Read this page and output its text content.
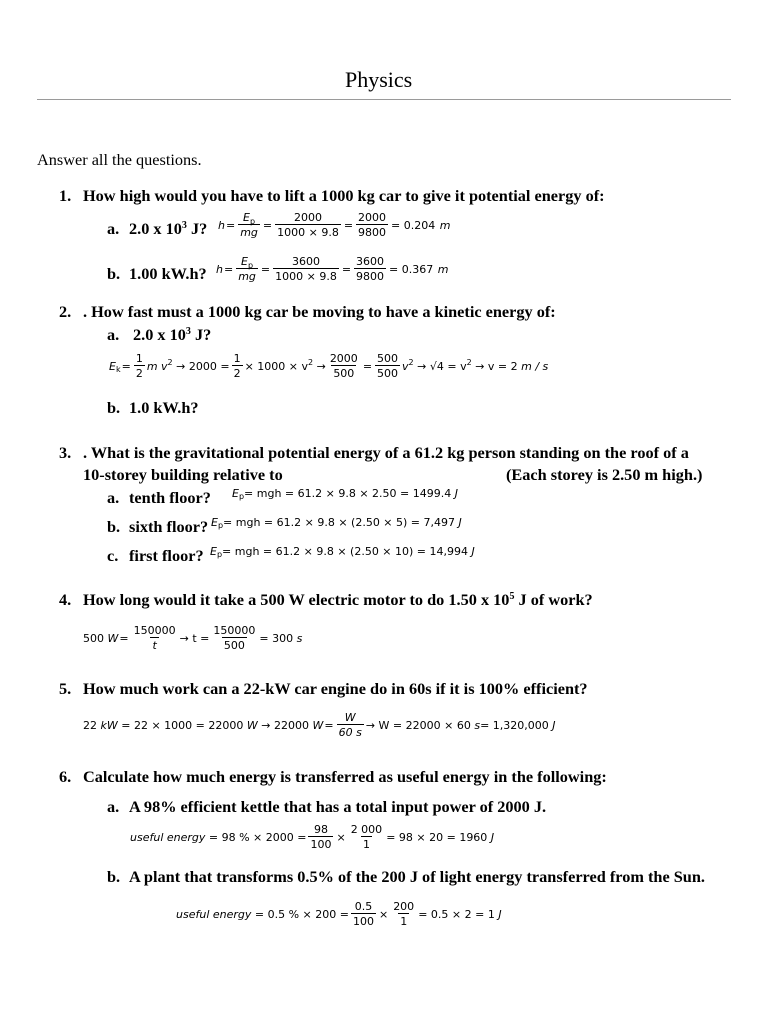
Physics
Answer all the questions.
1. How high would you have to lift a 1000 kg car to give it potential energy of:
a. 2.0 x $10^3$ J? $h = \frac{E_p}{mg} = \frac{2000}{1000 \times 9.8} = \frac{2000}{9800} = 0.204$
m
b. 1.00 kW.h? $h = \frac{E_p}{mg} = \frac{3600}{1000 \times 9.8} = \frac{3600}{9800} = 0.367$
m
2. . How fast must a 1000 kg car be moving to have a kinetic energy of:
a. 2.0 x $10^3$ J?
$E_k = \frac{1}{2}$ m $v^2$
→ $2000 = \frac{1}{2} \times 1000 \times v^2$
→ $\frac{2000}{500} = \frac{500}{500} v^2$
→ $√4 = v^2$
→ v = 2
m / s
b. 1.0 kW.h?
3. . What is the gravitational potential energy of a 61.2 kg person standing on the roof of a
10-storey building relative to	(Each storey is 2.50 m high.)
a. tenth floor? $E_p$ = mgh = 61.2 × 9.8 × 2.50 = 1499.4
J
b. sixth floor? $E_p$ = mgh = 61.2 × 9.8 × (2.50 × 5) = 7,497
J
c. first floor? $E_p$ = mgh = 61.2 × 9.8 × (2.50 × 10) = 14,994
J
4. How long would it take a 500 W electric motor to do 1.50 x $10^5$ J of work?
500
$W = \frac{150000}{t} \to t = \frac{150000}{500} = 300$
s
5. How much work can a 22-kW car engine do in 60s if it is 100% efficient?
22
kW
= 22 × 1000 = 22000
W
→ 22000
$W = \frac{W}{60 s} \to W = 22000 \times 60$
s = 1,320,000
J
6. Calculate how much energy is transferred as useful energy in the following:
a. A 98% efficient kettle that has a total input power of 2000 J.
useful energy
= 98 % × $2000 = \frac{98}{100} \times \frac{2 000}{1} = 98 \times 20 = 1960$
J
b. A plant that transforms 0.5% of the 200 J of light energy transferred from the Sun.
useful energy
= 0.5 % × $200 = \frac{0.5}{100} \times \frac{200}{1} = 0.5 \times 2 = 1$
J
